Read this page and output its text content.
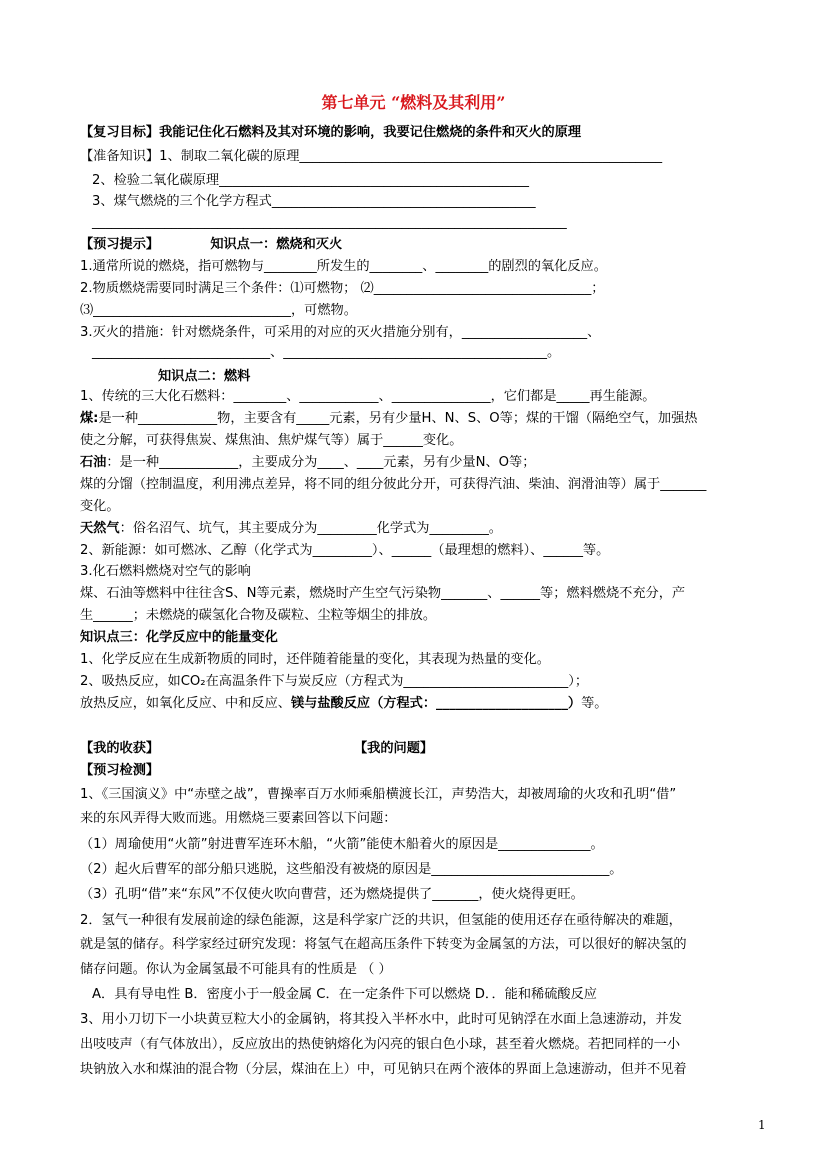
第七单元 “燃料及其利用”
【复习目标】我能记住化石燃料及其对环境的影响，我要记住燃烧的条件和灭火的原理
【准备知识】1、制取二氧化碳的原理_______________________________________________________
2、检验二氧化碳原理_______________________________________________
3、煤气燃烧的三个化学方程式________________________________________
________________________________________________________________________
【预习提示】	知识点一：燃烧和灭火
1.通常所说的燃烧，指可燃物与________所发生的________、________的剧烈的氧化反应。
2.物质燃烧需要同时满足三个条件：⑴可燃物； ⑵_________________________________；
⑶______________________________，可燃物。
3.灭火的措施：针对燃烧条件，可采用的对应的灭火措施分别有，___________________、
___________________________、________________________________________。
知识点二：燃料
1、传统的三大化石燃料：________、____________、_______________，它们都是_____再生能源。
煤:是一种____________物，主要含有_____元素，另有少量H、N、S、O等；煤的干馏（隔绝空气，加强热
使之分解，可获得焦炭、煤焦油、焦炉煤气等）属于______变化。
石油：是一种____________，主要成分为____、____元素，另有少量N、O等；
煤的分馏（控制温度，利用沸点差异，将不同的组分彼此分开，可获得汽油、柴油、润滑油等）属于_______
变化。
天然气：俗名沼气、坑气，其主要成分为_________化学式为_________。
2、新能源：如可燃冰、乙醇（化学式为_________）、______（最理想的燃料）、______等。
3.化石燃料燃烧对空气的影响
煤、石油等燃料中往往含S、N等元素，燃烧时产生空气污染物_______、______等；燃料燃烧不充分，产
生______；未燃烧的碳氢化合物及碳粒、尘粒等烟尘的排放。
知识点三：化学反应中的能量变化
1、化学反应在生成新物质的同时，还伴随着能量的变化，其表现为热量的变化。
2、吸热反应，如CO₂在高温条件下与炭反应（方程式为_________________________）；
放热反应，如氧化反应、中和反应、镁与盐酸反应（方程式：____________________）等。
【我的收获】	【我的问题】
【预习检测】
1、《三国演义》中“赤壁之战”，曹操率百万水师乘船横渡长江，声势浩大，却被周瑜的火攻和孔明“借”
来的东风弄得大败而逃。用燃烧三要素回答以下问题：
（1）周瑜使用“火箭”射进曹军连环木船，“火箭”能使木船着火的原因是______________。
（2）起火后曹军的部分船只逃脱，这些船没有被烧的原因是___________________________。
（3）孔明“借”来“东风”不仅使火吹向曹营，还为燃烧提供了_______，使火烧得更旺。
2．氢气一种很有发展前途的绿色能源，这是科学家广泛的共识，但氢能的使用还存在亟待解决的难题，
就是氢的储存。科学家经过研究发现：将氢气在超高压条件下转变为金属氢的方法，可以很好的解决氢的
储存问题。你认为金属氢最不可能具有的性质是 （ ）
A．具有导电性 B．密度小于一般金属 C．在一定条件下可以燃烧 D．．能和稀硫酸反应
3、用小刀切下一小块黄豆粒大小的金属钠，将其投入半杯水中，此时可见钠浮在水面上急速游动，并发
出吱吱声（有气体放出），反应放出的热使钠熔化为闪亮的银白色小球，甚至着火燃烧。若把同样的一小
块钠放入水和煤油的混合物（分层，煤油在上）中，可见钠只在两个液体的界面上急速游动，但并不见着
1
